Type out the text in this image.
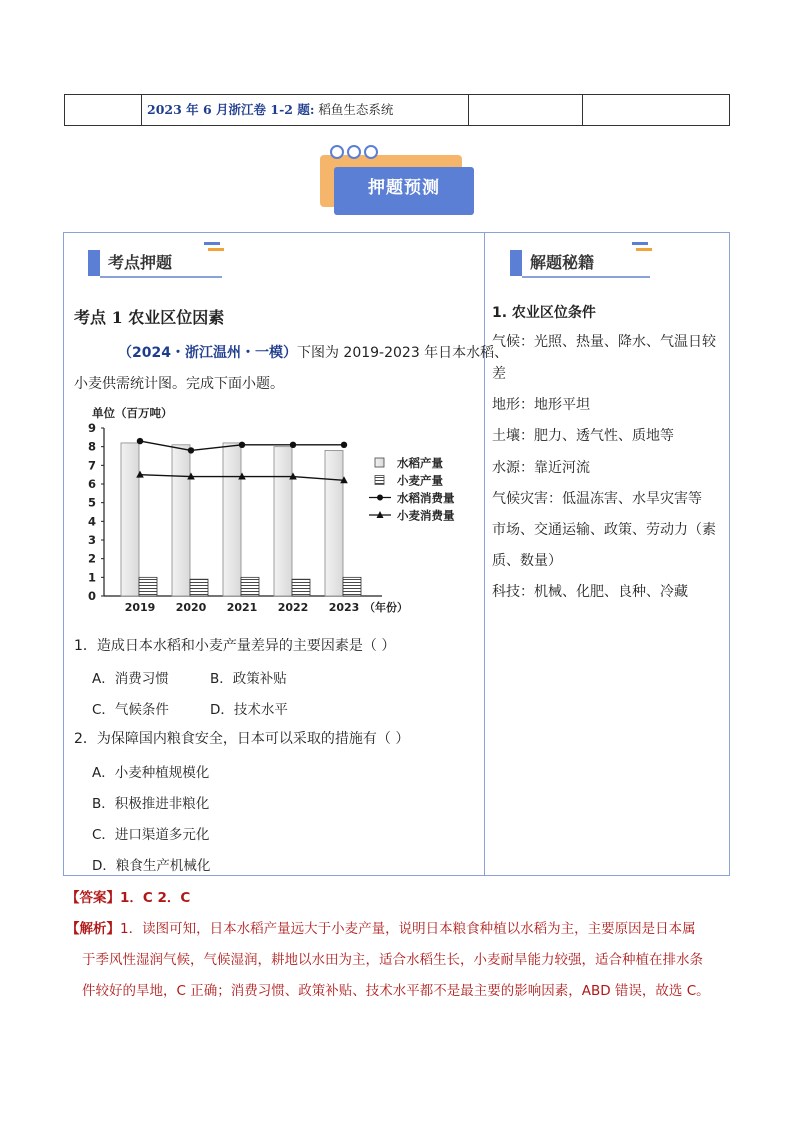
2023 年 6 月浙江卷 1-2 题: 稻鱼生态系统
押题预测
考点押题	解题秘籍
考点 1 农业区位因素
（2024・浙江温州・一模）下图为 2019-2023 年日本水稻、
小麦供需统计图。完成下面小题。
单位（百万吨）
0
1
2
3
4
5
6
7
8
9
2019 2020 2021 2022 2023 （年份）
水稻产量
小麦产量
水稻消费量
小麦消费量
1．造成日本水稻和小麦产量差异的主要因素是（ ）
A．消费习惯	B．政策补贴
C．气候条件	D．技术水平
2．为保障国内粮食安全，日本可以采取的措施有（ ）
A．小麦种植规模化
B．积极推进非粮化
C．进口渠道多元化
D．粮食生产机械化
1. 农业区位条件
气候：光照、热量、降水、气温日较
差
地形：地形平坦
土壤：肥力、透气性、质地等
水源：靠近河流
气候灾害：低温冻害、水旱灾害等
市场、交通运输、政策、劳动力（素
质、数量）
科技：机械、化肥、良种、冷藏
【答案】1．C 2．C
【解析】1．读图可知，日本水稻产量远大于小麦产量，说明日本粮食种植以水稻为主，主要原因是日本属
于季风性湿润气候，气候湿润，耕地以水田为主，适合水稻生长，小麦耐旱能力较强，适合种植在排水条
件较好的旱地，C 正确；消费习惯、政策补贴、技术水平都不是最主要的影响因素，ABD 错误，故选 C。
